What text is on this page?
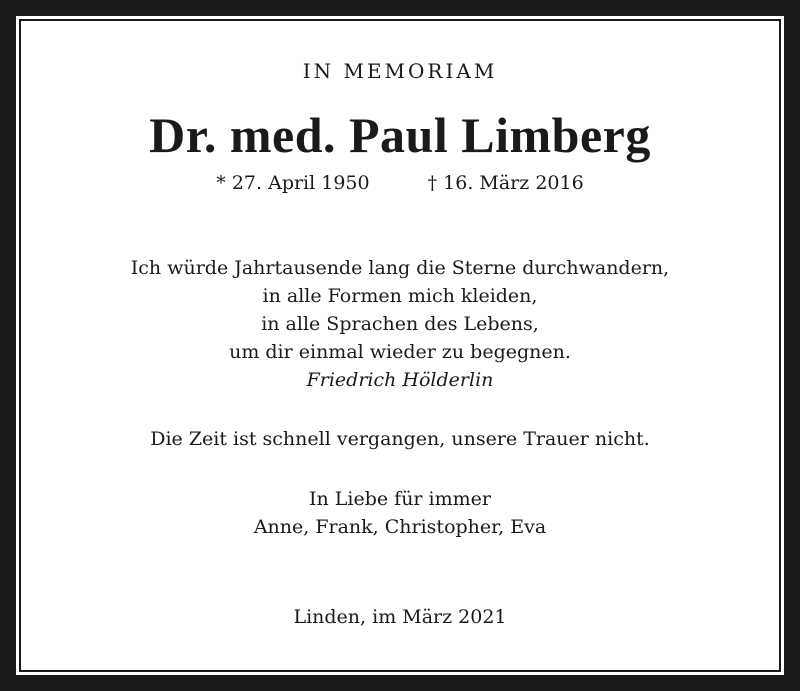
IN MEMORIAM
Dr. med. Paul Limberg
* 27. April 1950	† 16. März 2016
Ich würde Jahrtausende lang die Sterne durchwandern,
in alle Formen mich kleiden,
in alle Sprachen des Lebens,
um dir einmal wieder zu begegnen.
Friedrich Hölderlin
Die Zeit ist schnell vergangen, unsere Trauer nicht.
In Liebe für immer
Anne, Frank, Christopher, Eva
Linden, im März 2021
